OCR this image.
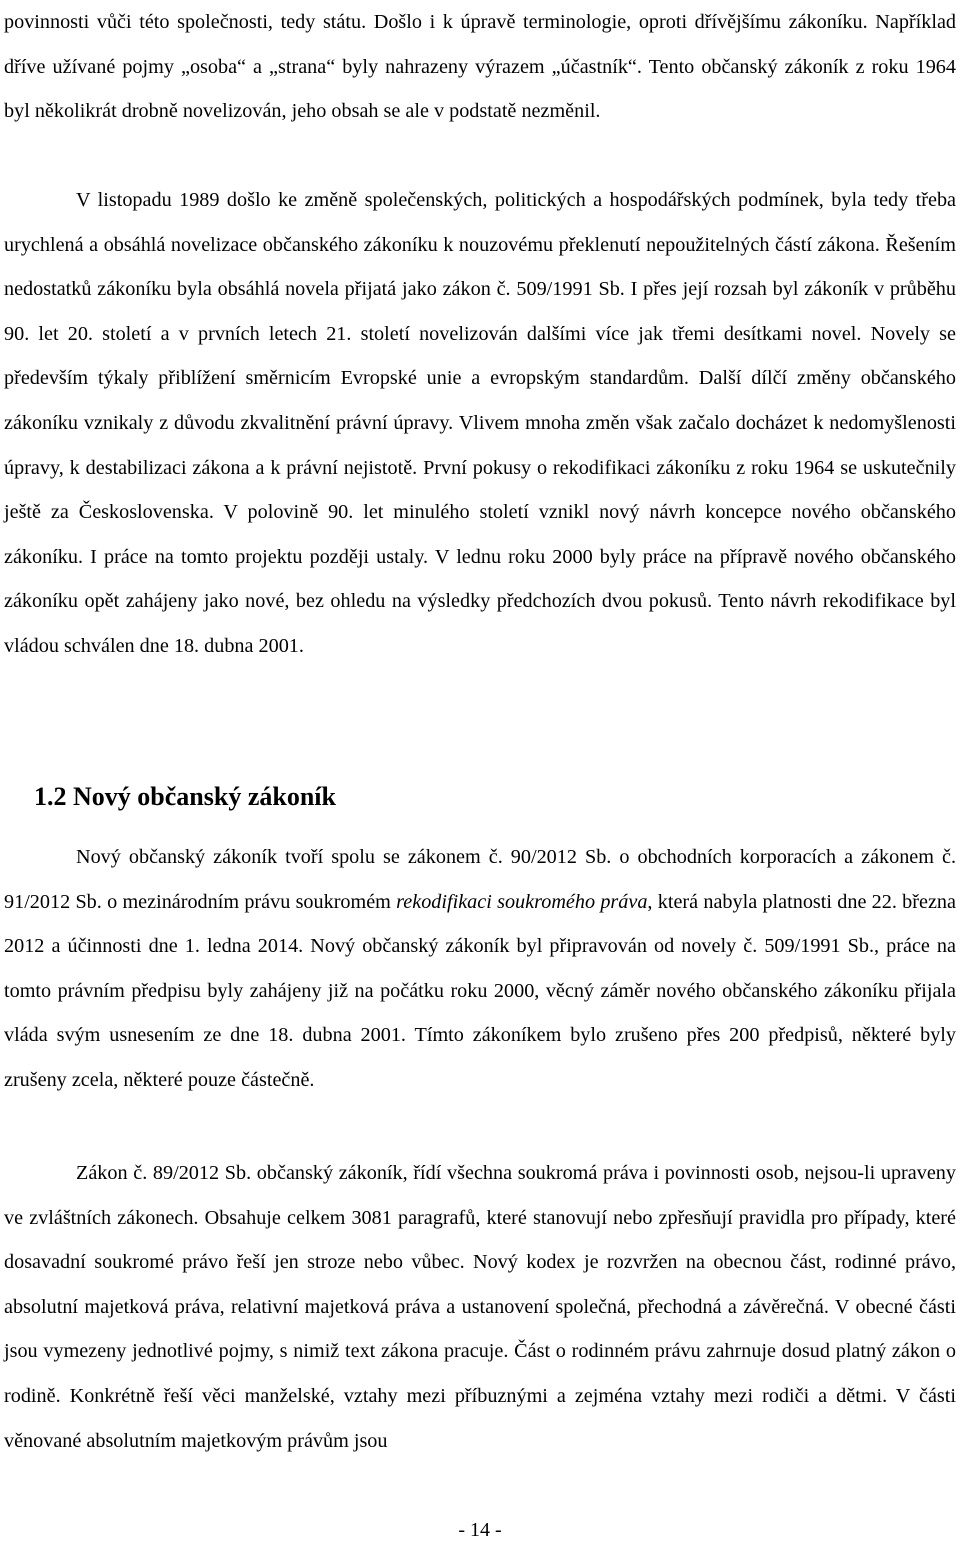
povinnosti vůči této společnosti, tedy státu. Došlo i k úpravě terminologie, oproti dřívějšímu zákoníku. Například dříve užívané pojmy „osoba“ a „strana“ byly nahrazeny výrazem „účastník“. Tento občanský zákoník z roku 1964 byl několikrát drobně novelizován, jeho obsah se ale v podstatě nezměnil.

V listopadu 1989 došlo ke změně společenských, politických a hospodářských podmínek, byla tedy třeba urychlená a obsáhlá novelizace občanského zákoníku k nouzovému překlenutí nepoužitelných částí zákona. Řešením nedostatků zákoníku byla obsáhlá novela přijatá jako zákon č. 509/1991 Sb. I přes její rozsah byl zákoník v průběhu 90. let 20. století a v prvních letech 21. století novelizován dalšími více jak třemi desítkami novel. Novely se především týkaly přiblížení směrnicím Evropské unie a evropským standardům. Další dílčí změny občanského zákoníku vznikaly z důvodu zkvalitnění právní úpravy. Vlivem mnoha změn však začalo docházet k nedomyšlenosti úpravy, k destabilizaci zákona a k právní nejistotě. První pokusy o rekodifikaci zákoníku z roku 1964 se uskutečnily ještě za Československa. V polovině 90. let minulého století vznikl nový návrh koncepce nového občanského zákoníku. I práce na tomto projektu později ustaly. V lednu roku 2000 byly práce na přípravě nového občanského zákoníku opět zahájeny jako nové, bez ohledu na výsledky předchozích dvou pokusů. Tento návrh rekodifikace byl vládou schválen dne 18. dubna 2001.

1.2 Nový občanský zákoník

Nový občanský zákoník tvoří spolu se zákonem č. 90/2012 Sb. o obchodních korporacích a zákonem č. 91/2012 Sb. o mezinárodním právu soukromém rekodifikaci soukromého práva, která nabyla platnosti dne 22. března 2012 a účinnosti dne 1. ledna 2014. Nový občanský zákoník byl připravován od novely č. 509/1991 Sb., práce na tomto právním předpisu byly zahájeny již na počátku roku 2000, věcný záměr nového občanského zákoníku přijala vláda svým usnesením ze dne 18. dubna 2001. Tímto zákoníkem bylo zrušeno přes 200 předpisů, některé byly zrušeny zcela, některé pouze částečně.

Zákon č. 89/2012 Sb. občanský zákoník, řídí všechna soukromá práva i povinnosti osob, nejsou-li upraveny ve zvláštních zákonech. Obsahuje celkem 3081 paragrafů, které stanovují nebo zpřesňují pravidla pro případy, které dosavadní soukromé právo řeší jen stroze nebo vůbec. Nový kodex je rozvržen na obecnou část, rodinné právo, absolutní majetková práva, relativní majetková práva a ustanovení společná, přechodná a závěrečná. V obecné části jsou vymezeny jednotlivé pojmy, s nimiž text zákona pracuje. Část o rodinném právu zahrnuje dosud platný zákon o rodině. Konkrétně řeší věci manželské, vztahy mezi příbuznými a zejména vztahy mezi rodiči a dětmi. V části věnované absolutním majetkovým právům jsou

- 14 -
